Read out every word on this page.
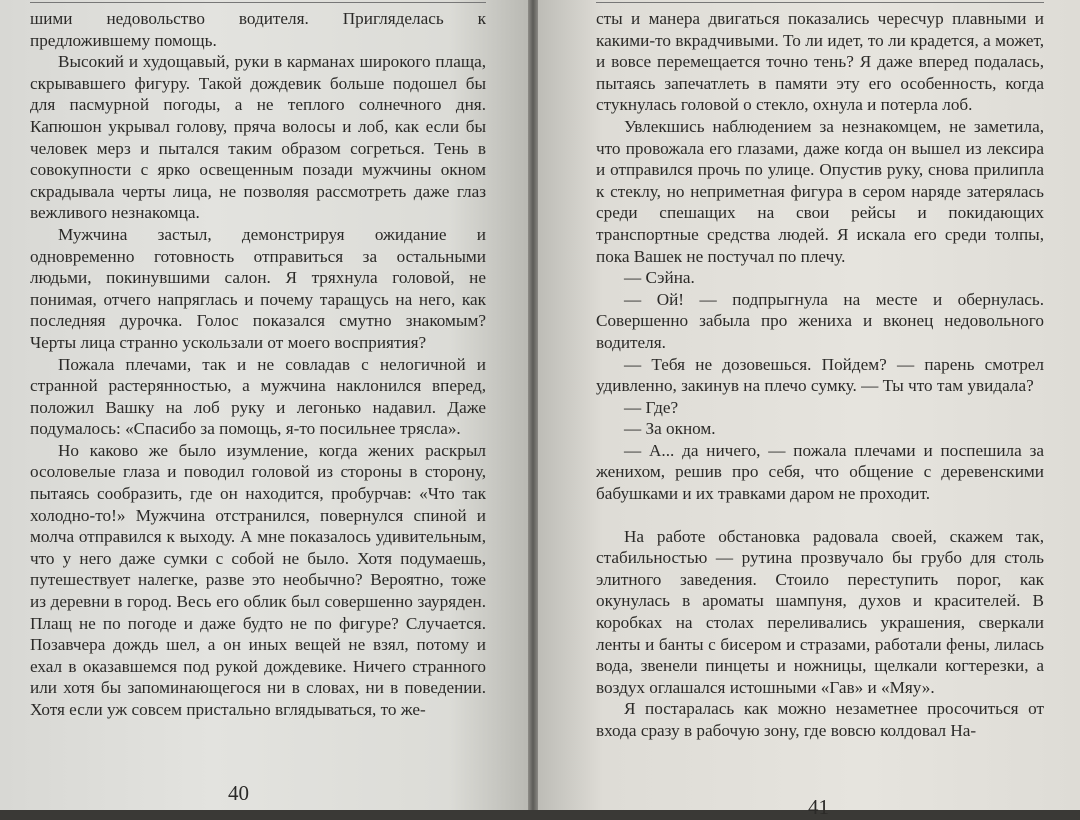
шими недовольство водителя. Пригляделась к предложившему помощь.

Высокий и худощавый, руки в карманах широкого плаща, скрывавшего фигуру. Такой дождевик больше подошел бы для пасмурной погоды, а не теплого солнечного дня. Капюшон укрывал голову, пряча волосы и лоб, как если бы человек мерз и пытался таким образом согреться. Тень в совокупности с ярко освещенным позади мужчины окном скрадывала черты лица, не позволяя рассмотреть даже глаз вежливого незнакомца.

Мужчина застыл, демонстрируя ожидание и одновременно готовность отправиться за остальными людьми, покинувшими салон. Я тряхнула головой, не понимая, отчего напряглась и почему таращусь на него, как последняя дурочка. Голос показался смутно знакомым? Черты лица странно ускользали от моего восприятия?

Пожала плечами, так и не совладав с нелогичной и странной растерянностью, а мужчина наклонился вперед, положил Вашку на лоб руку и легонько надавил. Даже подумалось: «Спасибо за помощь, я-то посильнее трясла».

Но каково же было изумление, когда жених раскрыл осоловелые глаза и поводил головой из стороны в сторону, пытаясь сообразить, где он находится, пробурчав: «Что так холодно-то!» Мужчина отстранился, повернулся спиной и молча отправился к выходу. А мне показалось удивительным, что у него даже сумки с собой не было. Хотя подумаешь, путешествует налегке, разве это необычно? Вероятно, тоже из деревни в город. Весь его облик был совершенно зауряден. Плащ не по погоде и даже будто не по фигуре? Случается. Позавчера дождь шел, а он иных вещей не взял, потому и ехал в оказавшемся под рукой дождевике. Ничего странного или хотя бы запоминающегося ни в словах, ни в поведении. Хотя если уж совсем пристально вглядываться, то же-

40

сты и манера двигаться показались чересчур плавными и какими-то вкрадчивыми. То ли идет, то ли крадется, а может, и вовсе перемещается точно тень? Я даже вперед подалась, пытаясь запечатлеть в памяти эту его особенность, когда стукнулась головой о стекло, охнула и потерла лоб.

Увлекшись наблюдением за незнакомцем, не заметила, что провожала его глазами, даже когда он вышел из лексира и отправился прочь по улице. Опустив руку, снова прилипла к стеклу, но неприметная фигура в сером наряде затерялась среди спешащих на свои рейсы и покидающих транспортные средства людей. Я искала его среди толпы, пока Вашек не постучал по плечу.

— Сэйна.

— Ой! — подпрыгнула на месте и обернулась. Совершенно забыла про жениха и вконец недовольного водителя.

— Тебя не дозовешься. Пойдем? — парень смотрел удивленно, закинув на плечо сумку. — Ты что там увидала?

— Где?

— За окном.

— А... да ничего, — пожала плечами и поспешила за женихом, решив про себя, что общение с деревенскими бабушками и их травками даром не проходит.

На работе обстановка радовала своей, скажем так, стабильностью — рутина прозвучало бы грубо для столь элитного заведения. Стоило переступить порог, как окунулась в ароматы шампуня, духов и красителей. В коробках на столах переливались украшения, сверкали ленты и банты с бисером и стразами, работали фены, лилась вода, звенели пинцеты и ножницы, щелкали когтерезки, а воздух оглашался истошными «Гав» и «Мяу».

Я постаралась как можно незаметнее просочиться от входа сразу в рабочую зону, где вовсю колдовал На-

41
